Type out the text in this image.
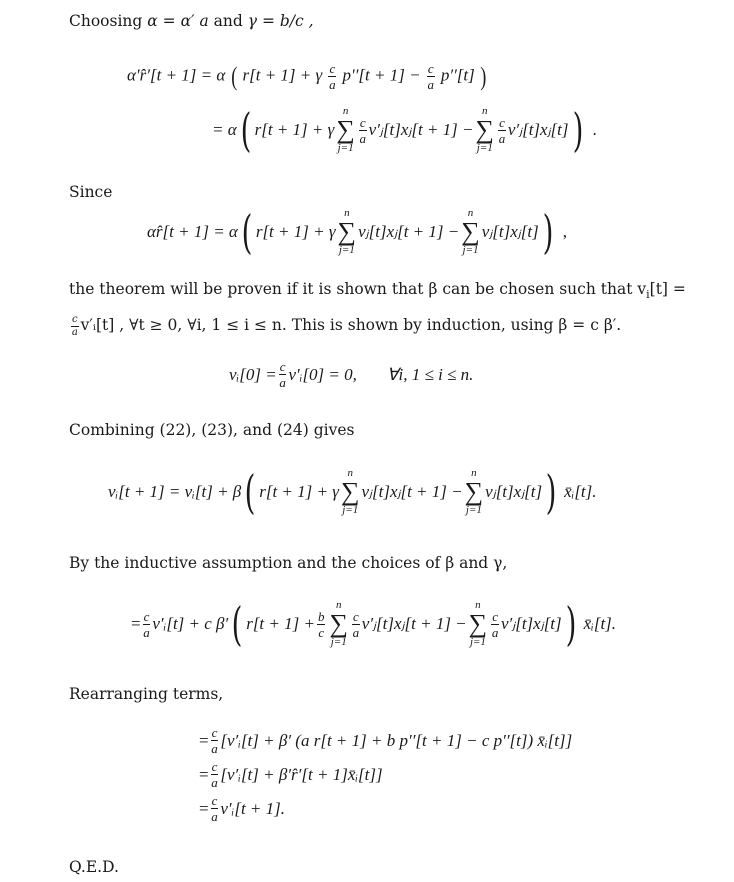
Choosing α = α′ a and γ = b/c ,

α′r̂′[t + 1] = α ( r[t + 1] + γ $\frac{c}{a} p''[t + 1] - \frac{c}{a} p''[t]$ )
= α ( r[t + 1] + γ
n
∑
j=1
$\frac{c}{a}$ v′ⱼ[t]xⱼ[t + 1] −
n
∑
j=1
$\frac{c}{a}$ v′ⱼ[t]xⱼ[t] ) .

Since

αr̂[t + 1] = α ( r[t + 1] + γ
n
∑
j=1
vⱼ[t]xⱼ[t + 1] −
n
∑
j=1
vⱼ[t]xⱼ[t] ) ,

the theorem will be proven if it is shown that β can be chosen such that $v_i[t]$ =

$\frac{c}{a}$ v′ᵢ[t] , ∀t ≥ 0, ∀i, 1 ≤ i ≤ n. This is shown by induction, using β = c β′.

vᵢ[0] = $\frac{c}{a}$ v′ᵢ[0] = 0, ∀i, 1 ≤ i ≤ n.

Combining (22), (23), and (24) gives

vᵢ[t + 1] = vᵢ[t] + β ( r[t + 1] + γ
n
∑
j=1
vⱼ[t]xⱼ[t + 1] −
n
∑
j=1
vⱼ[t]xⱼ[t] ) x̄ᵢ[t].

By the inductive assumption and the choices of β and γ,

= $\frac{c}{a}$ v′ᵢ[t] + c β′ ( $r[t + 1] + \frac{b}{c}$
n
∑
j=1
$\frac{c}{a}$ v′ⱼ[t]xⱼ[t + 1] −
n
∑
j=1
$\frac{c}{a}$ v′ⱼ[t]xⱼ[t] ) x̄ᵢ[t].

Rearranging terms,

= $\frac{c}{a}$ [v′ᵢ[t] + β′ (a r[t + 1] + b p′′[t + 1] − c p′′[t]) x̄ᵢ[t]]
= $\frac{c}{a}$ [v′ᵢ[t] + β′r̂′[t + 1]x̄ᵢ[t]]
= $\frac{c}{a}$ v′ᵢ[t + 1].

Q.E.D.
